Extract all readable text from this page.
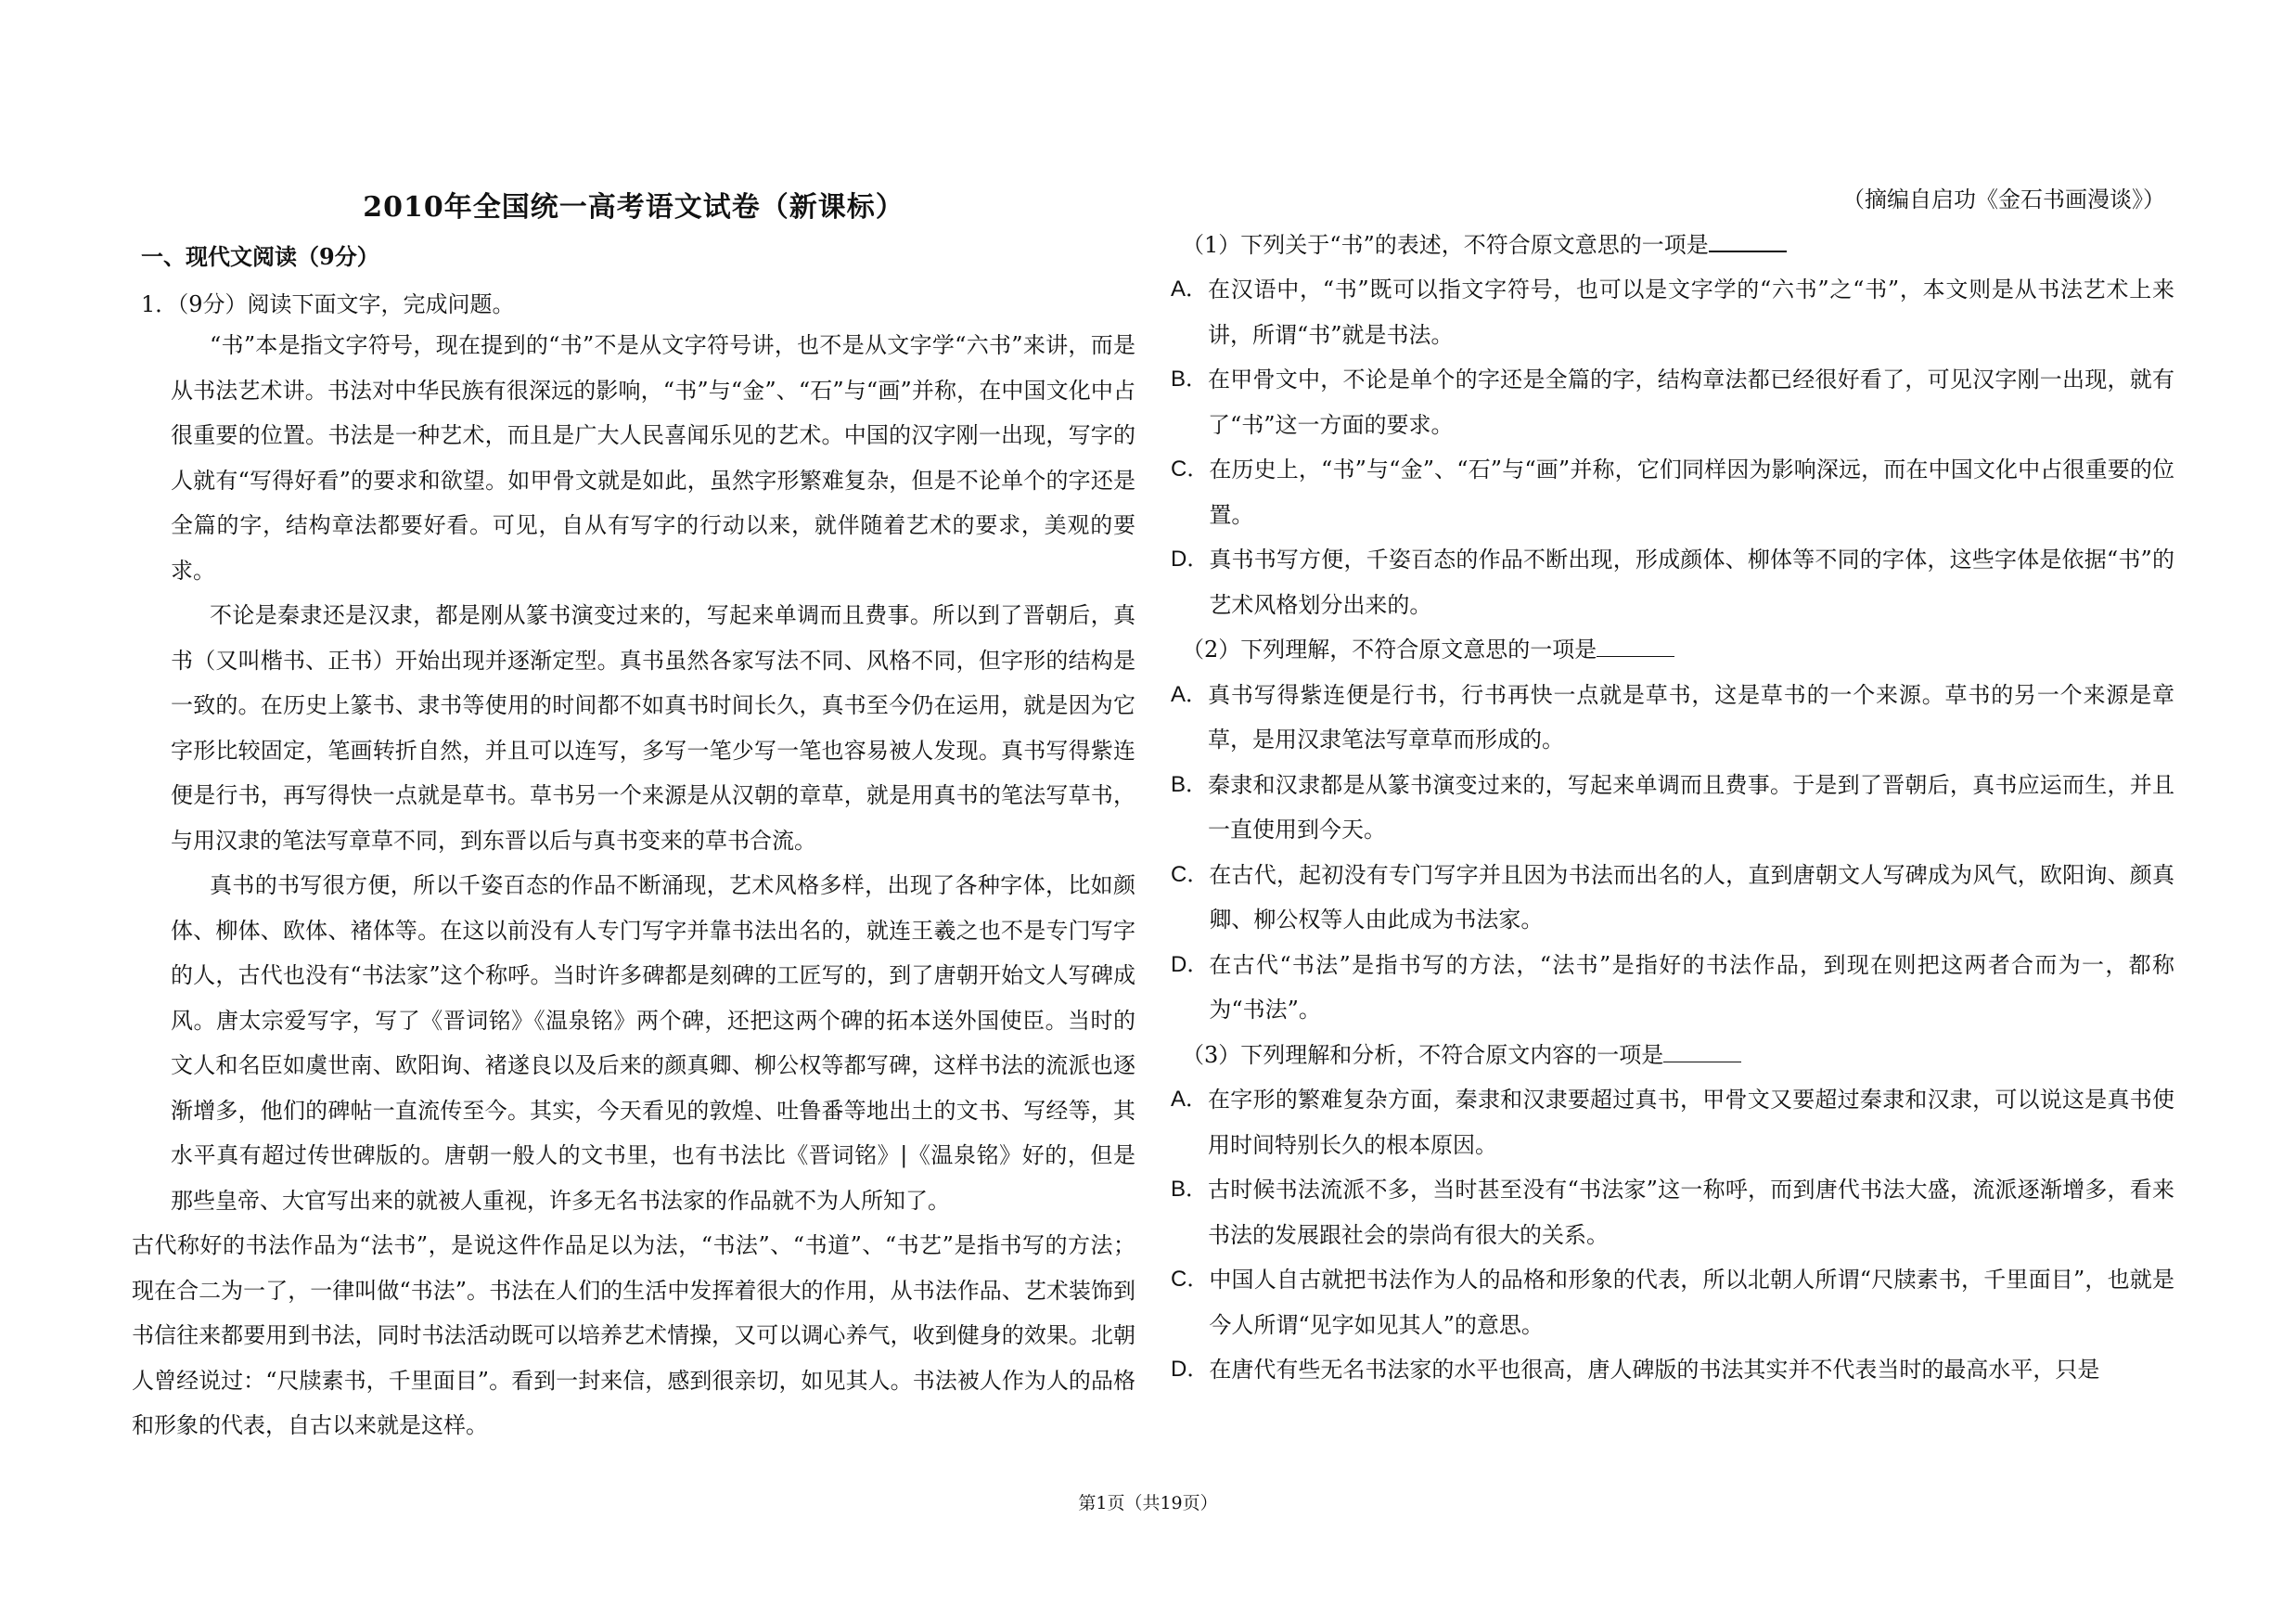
2010年全国统一高考语文试卷（新课标）
一、现代文阅读（9分）
1．（9分）阅读下面文字，完成问题。

“书”本是指文字符号，现在提到的“书”不是从文字符号讲，也不是从文字学“六书”来讲，而是从书法艺术讲。书法对中华民族有很深远的影响，“书”与“金”、“石”与“画”并称，在中国文化中占很重要的位置。书法是一种艺术，而且是广大人民喜闻乐见的艺术。中国的汉字刚一出现，写字的人就有“写得好看”的要求和欲望。如甲骨文就是如此，虽然字形繁难复杂，但是不论单个的字还是全篇的字，结构章法都要好看。可见，自从有写字的行动以来，就伴随着艺术的要求，美观的要求。

不论是秦隶还是汉隶，都是刚从篆书演变过来的，写起来单调而且费事。所以到了晋朝后，真书（又叫楷书、正书）开始出现并逐渐定型。真书虽然各家写法不同、风格不同，但字形的结构是一致的。在历史上篆书、隶书等使用的时间都不如真书时间长久，真书至今仍在运用，就是因为它字形比较固定，笔画转折自然，并且可以连写，多写一笔少写一笔也容易被人发现。真书写得紫连便是行书，再写得快一点就是草书。草书另一个来源是从汉朝的章草，就是用真书的笔法写草书，与用汉隶的笔法写章草不同，到东晋以后与真书变来的草书合流。

真书的书写很方便，所以千姿百态的作品不断涌现，艺术风格多样，出现了各种字体，比如颜体、柳体、欧体、褚体等。在这以前没有人专门写字并靠书法出名的，就连王羲之也不是专门写字的人，古代也没有“书法家”这个称呼。当时许多碑都是刻碑的工匠写的，到了唐朝开始文人写碑成风。唐太宗爱写字，写了《晋词铭》《温泉铭》两个碑，还把这两个碑的拓本送外国使臣。当时的文人和名臣如虞世南、欧阳询、褚遂良以及后来的颜真卿、柳公权等都写碑，这样书法的流派也逐渐增多，他们的碑帖一直流传至今。其实，今天看见的敦煌、吐鲁番等地出土的文书、写经等，其水平真有超过传世碑版的。唐朝一般人的文书里，也有书法比《晋词铭》|《温泉铭》好的，但是那些皇帝、大官写出来的就被人重视，许多无名书法家的作品就不为人所知了。

古代称好的书法作品为“法书”，是说这件作品足以为法，“书法”、“书道”、“书艺”是指书写的方法；现在合二为一了，一律叫做“书法”。书法在人们的生活中发挥着很大的作用，从书法作品、艺术装饰到书信往来都要用到书法，同时书法活动既可以培养艺术情操，又可以调心养气，收到健身的效果。北朝人曾经说过：“尺牍素书，千里面目”。看到一封来信，感到很亲切，如见其人。书法被人作为人的品格和形象的代表，自古以来就是这样。

（摘编自启功《金石书画漫谈》）

（1）下列关于“书”的表述，不符合原文意思的一项是

A． 在汉语中，“书”既可以指文字符号，也可以是文字学的“六书”之“书”，本文则是从书法艺术上来讲，所谓“书”就是书法。
B． 在甲骨文中，不论是单个的字还是全篇的字，结构章法都已经很好看了，可见汉字刚一出现，就有了“书”这一方面的要求。
C． 在历史上，“书”与“金”、“石”与“画”并称，它们同样因为影响深远，而在中国文化中占很重要的位置。
D． 真书书写方便，千姿百态的作品不断出现，形成颜体、柳体等不同的字体，这些字体是依据“书”的艺术风格划分出来的。

（2）下列理解，不符合原文意思的一项是

A． 真书写得紫连便是行书，行书再快一点就是草书，这是草书的一个来源。草书的另一个来源是章草，是用汉隶笔法写章草而形成的。
B． 秦隶和汉隶都是从篆书演变过来的，写起来单调而且费事。于是到了晋朝后，真书应运而生，并且一直使用到今天。
C． 在古代，起初没有专门写字并且因为书法而出名的人，直到唐朝文人写碑成为风气，欧阳询、颜真卿、柳公权等人由此成为书法家。
D． 在古代“书法”是指书写的方法，“法书”是指好的书法作品，到现在则把这两者合而为一，都称为“书法”。

（3）下列理解和分析，不符合原文内容的一项是

A． 在字形的繁难复杂方面，秦隶和汉隶要超过真书，甲骨文又要超过秦隶和汉隶，可以说这是真书使用时间特别长久的根本原因。
B． 古时候书法流派不多，当时甚至没有“书法家”这一称呼，而到唐代书法大盛，流派逐渐增多，看来书法的发展跟社会的崇尚有很大的关系。
C． 中国人自古就把书法作为人的品格和形象的代表，所以北朝人所谓“尺牍素书，千里面目”，也就是今人所谓“见字如见其人”的意思。
D． 在唐代有些无名书法家的水平也很高，唐人碑版的书法其实并不代表当时的最高水平，只是
第1页（共19页）
